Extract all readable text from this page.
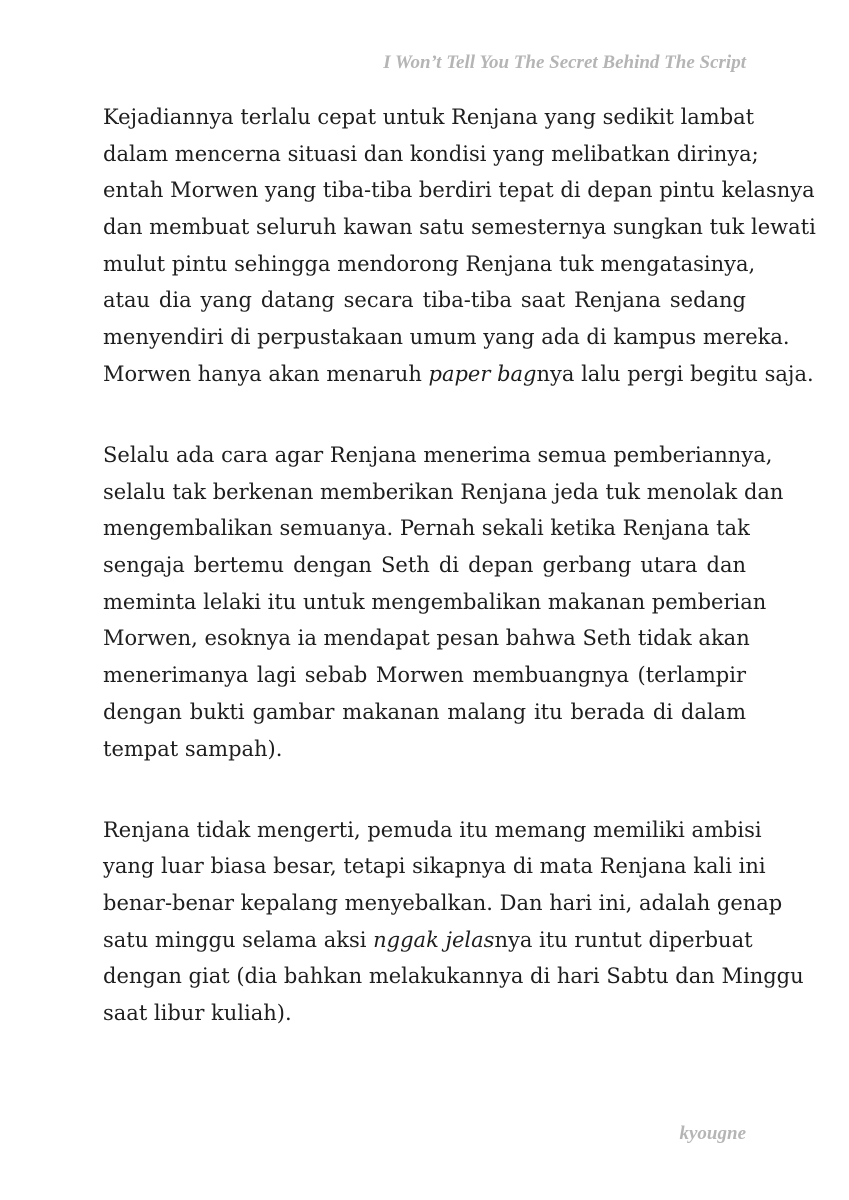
I Won’t Tell You The Secret Behind The Script
Kejadiannya terlalu cepat untuk Renjana yang sedikit lambat
dalam mencerna situasi dan kondisi yang melibatkan dirinya;
entah Morwen yang tiba-tiba berdiri tepat di depan pintu kelasnya
dan membuat seluruh kawan satu semesternya sungkan tuk lewati
mulut pintu sehingga mendorong Renjana tuk mengatasinya,
atau dia yang datang secara tiba-tiba saat Renjana sedang
menyendiri di perpustakaan umum yang ada di kampus mereka.
Morwen hanya akan menaruh paper bagnya lalu pergi begitu saja.
Selalu ada cara agar Renjana menerima semua pemberiannya,
selalu tak berkenan memberikan Renjana jeda tuk menolak dan
mengembalikan semuanya. Pernah sekali ketika Renjana tak
sengaja bertemu dengan Seth di depan gerbang utara dan
meminta lelaki itu untuk mengembalikan makanan pemberian
Morwen, esoknya ia mendapat pesan bahwa Seth tidak akan
menerimanya lagi sebab Morwen membuangnya (terlampir
dengan bukti gambar makanan malang itu berada di dalam
tempat sampah).
Renjana tidak mengerti, pemuda itu memang memiliki ambisi
yang luar biasa besar, tetapi sikapnya di mata Renjana kali ini
benar-benar kepalang menyebalkan. Dan hari ini, adalah genap
satu minggu selama aksi nggak jelasnya itu runtut diperbuat
dengan giat (dia bahkan melakukannya di hari Sabtu dan Minggu
saat libur kuliah).
kyougne
